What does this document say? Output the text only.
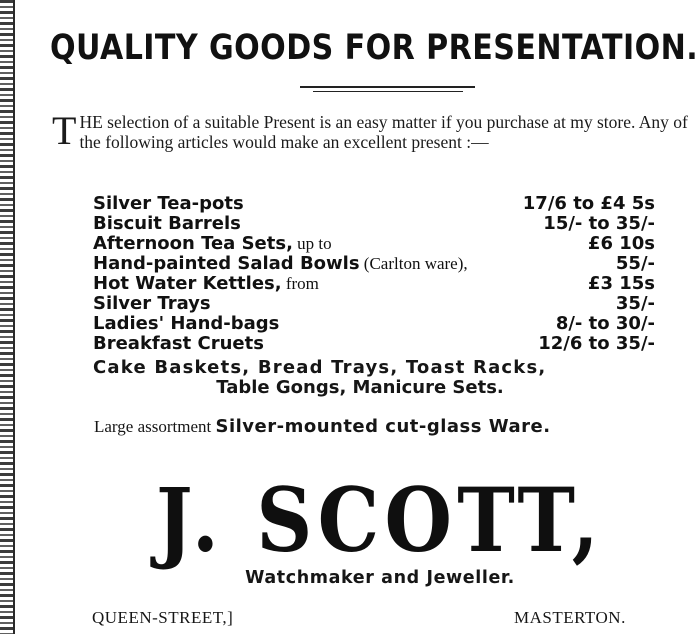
QUALITY GOODS FOR PRESENTATION.
THE selection of a suitable Present is an easy matter if you purchase at my store. Any of the following articles would make an excellent present :—
Silver Tea-pots	17/6 to £4 5s
Biscuit Barrels	15/- to 35/-
Afternoon Tea Sets, up to	£6 10s
Hand-painted Salad Bowls (Carlton ware),	55/-
Hot Water Kettles, from	£3 15s
Silver Trays	35/-
Ladies' Hand-bags	8/- to 30/-
Breakfast Cruets	12/6 to 35/-
Cake Baskets, Bread Trays, Toast Racks,
Table Gongs, Manicure Sets.
Large assortment Silver-mounted cut-glass Ware.
J. SCOTT,
Watchmaker and Jeweller.
QUEEN-STREET,]	MASTERTON.
